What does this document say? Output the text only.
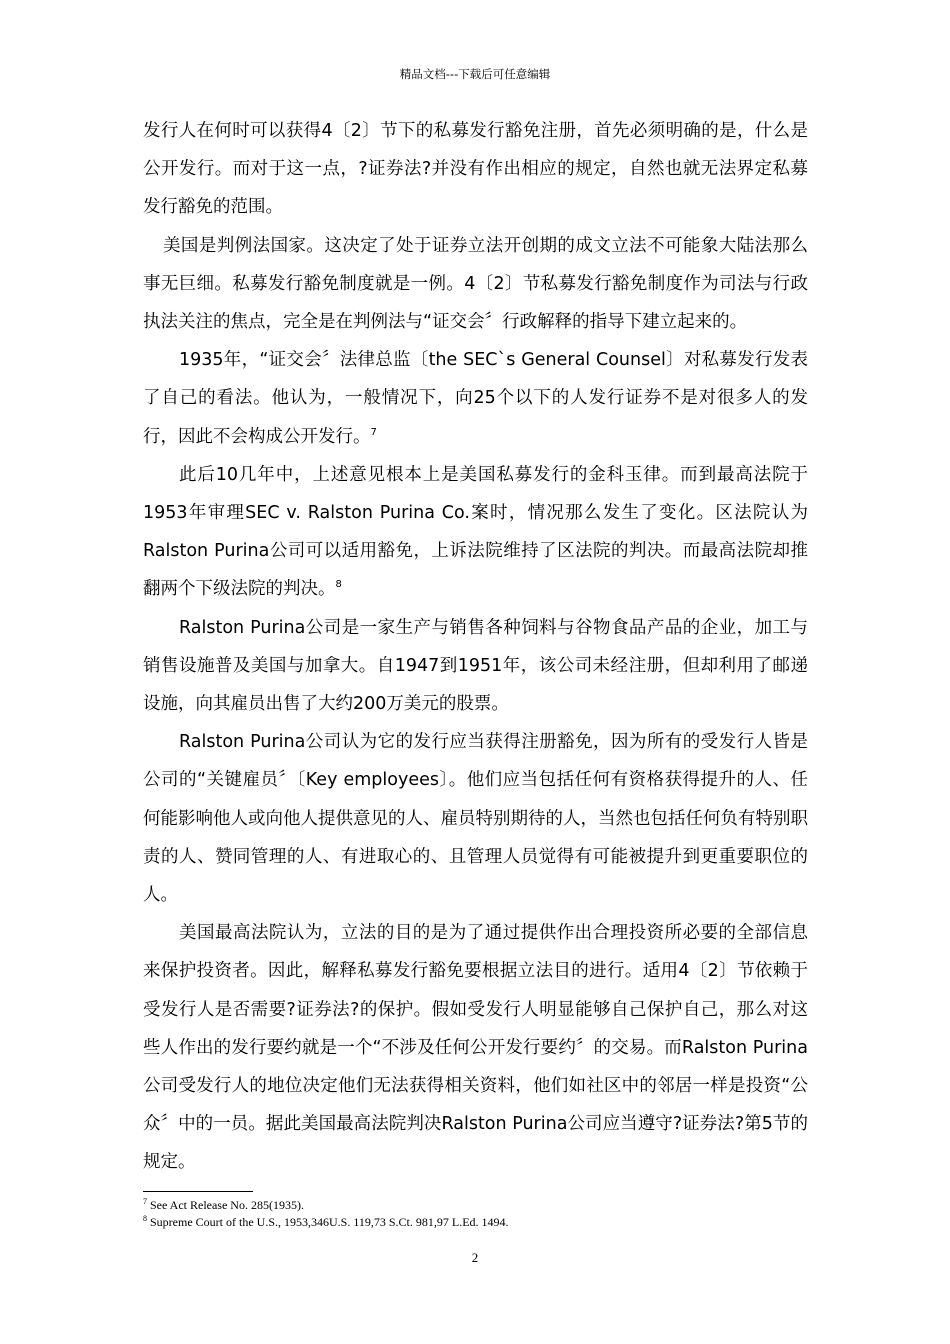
精品文档---下载后可任意编辑

发行人在何时可以获得4〔2〕节下的私募发行豁免注册，首先必须明确的是，什么是公开发行。而对于这一点，?证券法?并没有作出相应的规定，自然也就无法界定私募发行豁免的范围。

美国是判例法国家。这决定了处于证券立法开创期的成文立法不可能象大陆法那么事无巨细。私募发行豁免制度就是一例。4〔2〕节私募发行豁免制度作为司法与行政执法关注的焦点，完全是在判例法与“证交会〞行政解释的指导下建立起来的。

1935年，“证交会〞法律总监〔the SEC`s General Counsel〕对私募发行发表了自己的看法。他认为，一般情况下，向25个以下的人发行证券不是对很多人的发行，因此不会构成公开发行。$^7$

此后10几年中，上述意见根本上是美国私募发行的金科玉律。而到最高法院于1953年审理SEC v. Ralston Purina Co.案时，情况那么发生了变化。区法院认为Ralston Purina公司可以适用豁免，上诉法院维持了区法院的判决。而最高法院却推翻两个下级法院的判决。$^8$

Ralston Purina公司是一家生产与销售各种饲料与谷物食品产品的企业，加工与销售设施普及美国与加拿大。自1947到1951年，该公司未经注册，但却利用了邮递设施，向其雇员出售了大约200万美元的股票。

Ralston Purina公司认为它的发行应当获得注册豁免，因为所有的受发行人皆是公司的“关键雇员〞〔Key employees〕。他们应当包括任何有资格获得提升的人、任何能影响他人或向他人提供意见的人、雇员特别期待的人，当然也包括任何负有特别职责的人、赞同管理的人、有进取心的、且管理人员觉得有可能被提升到更重要职位的人。

美国最高法院认为，立法的目的是为了通过提供作出合理投资所必要的全部信息来保护投资者。因此，解释私募发行豁免要根据立法目的进行。适用4〔2〕节依赖于受发行人是否需要?证券法?的保护。假如受发行人明显能够自己保护自己，那么对这些人作出的发行要约就是一个“不涉及任何公开发行要约〞的交易。而Ralston Purina公司受发行人的地位决定他们无法获得相关资料，他们如社区中的邻居一样是投资“公众〞中的一员。据此美国最高法院判决Ralston Purina公司应当遵守?证券法?第5节的规定。

$^7$ See Act Release No. 285(1935).
$^8$ Supreme Court of the U.S., 1953,346U.S. 119,73 S.Ct. 981,97 L.Ed. 1494.
2
